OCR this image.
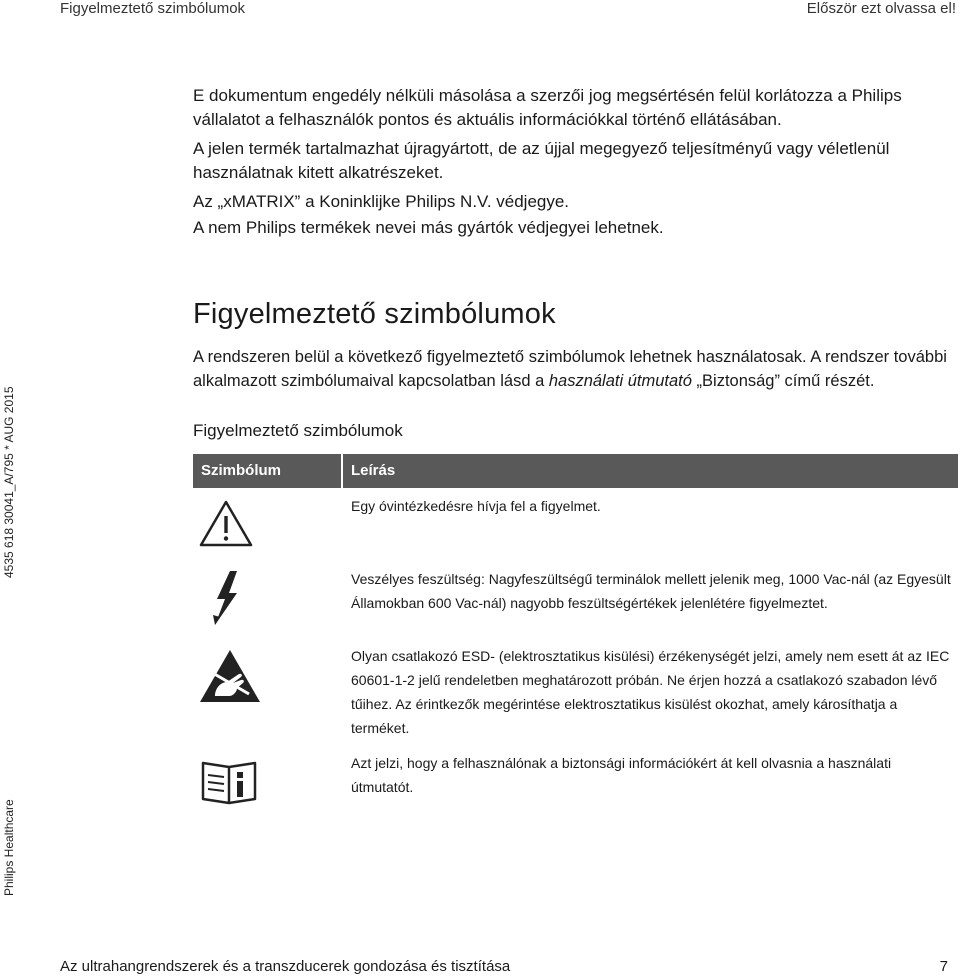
Figyelmeztető szimbólumok	Először ezt olvassa el!
4535 618 30041_A/795 * AUG 2015
Philips Healthcare

E dokumentum engedély nélküli másolása a szerzői jog megsértésén felül korlátozza a Philips vállalatot a felhasználók pontos és aktuális információkkal történő ellátásában.

A jelen termék tartalmazhat újragyártott, de az újjal megegyező teljesítményű vagy véletlenül használatnak kitett alkatrészeket.

Az „xMATRIX” a Koninklijke Philips N.V. védjegye.

A nem Philips termékek nevei más gyártók védjegyei lehetnek.

Figyelmeztető szimbólumok

A rendszeren belül a következő figyelmeztető szimbólumok lehetnek használatosak. A rendszer további alkalmazott szimbólumaival kapcsolatban lásd a használati útmutató „Biztonság” című részét.

Figyelmeztető szimbólumok

Szimbólum	Leírás
Egy óvintézkedésre hívja fel a figyelmet.
Veszélyes feszültség: Nagyfeszültségű terminálok mellett jelenik meg, 1000 Vac-nál (az Egyesült Államokban 600 Vac-nál) nagyobb feszültségértékek jelenlétére figyelmeztet.
Olyan csatlakozó ESD- (elektrosztatikus kisülési) érzékenységét jelzi, amely nem esett át az IEC 60601-1-2 jelű rendeletben meghatározott próbán. Ne érjen hozzá a csatlakozó szabadon lévő tűihez. Az érintkezők megérintése elektrosztatikus kisülést okozhat, amely károsíthatja a terméket.
Azt jelzi, hogy a felhasználónak a biztonsági információkért át kell olvasnia a használati útmutatót.
Az ultrahangrendszerek és a transzducerek gondozása és tisztítása	7
